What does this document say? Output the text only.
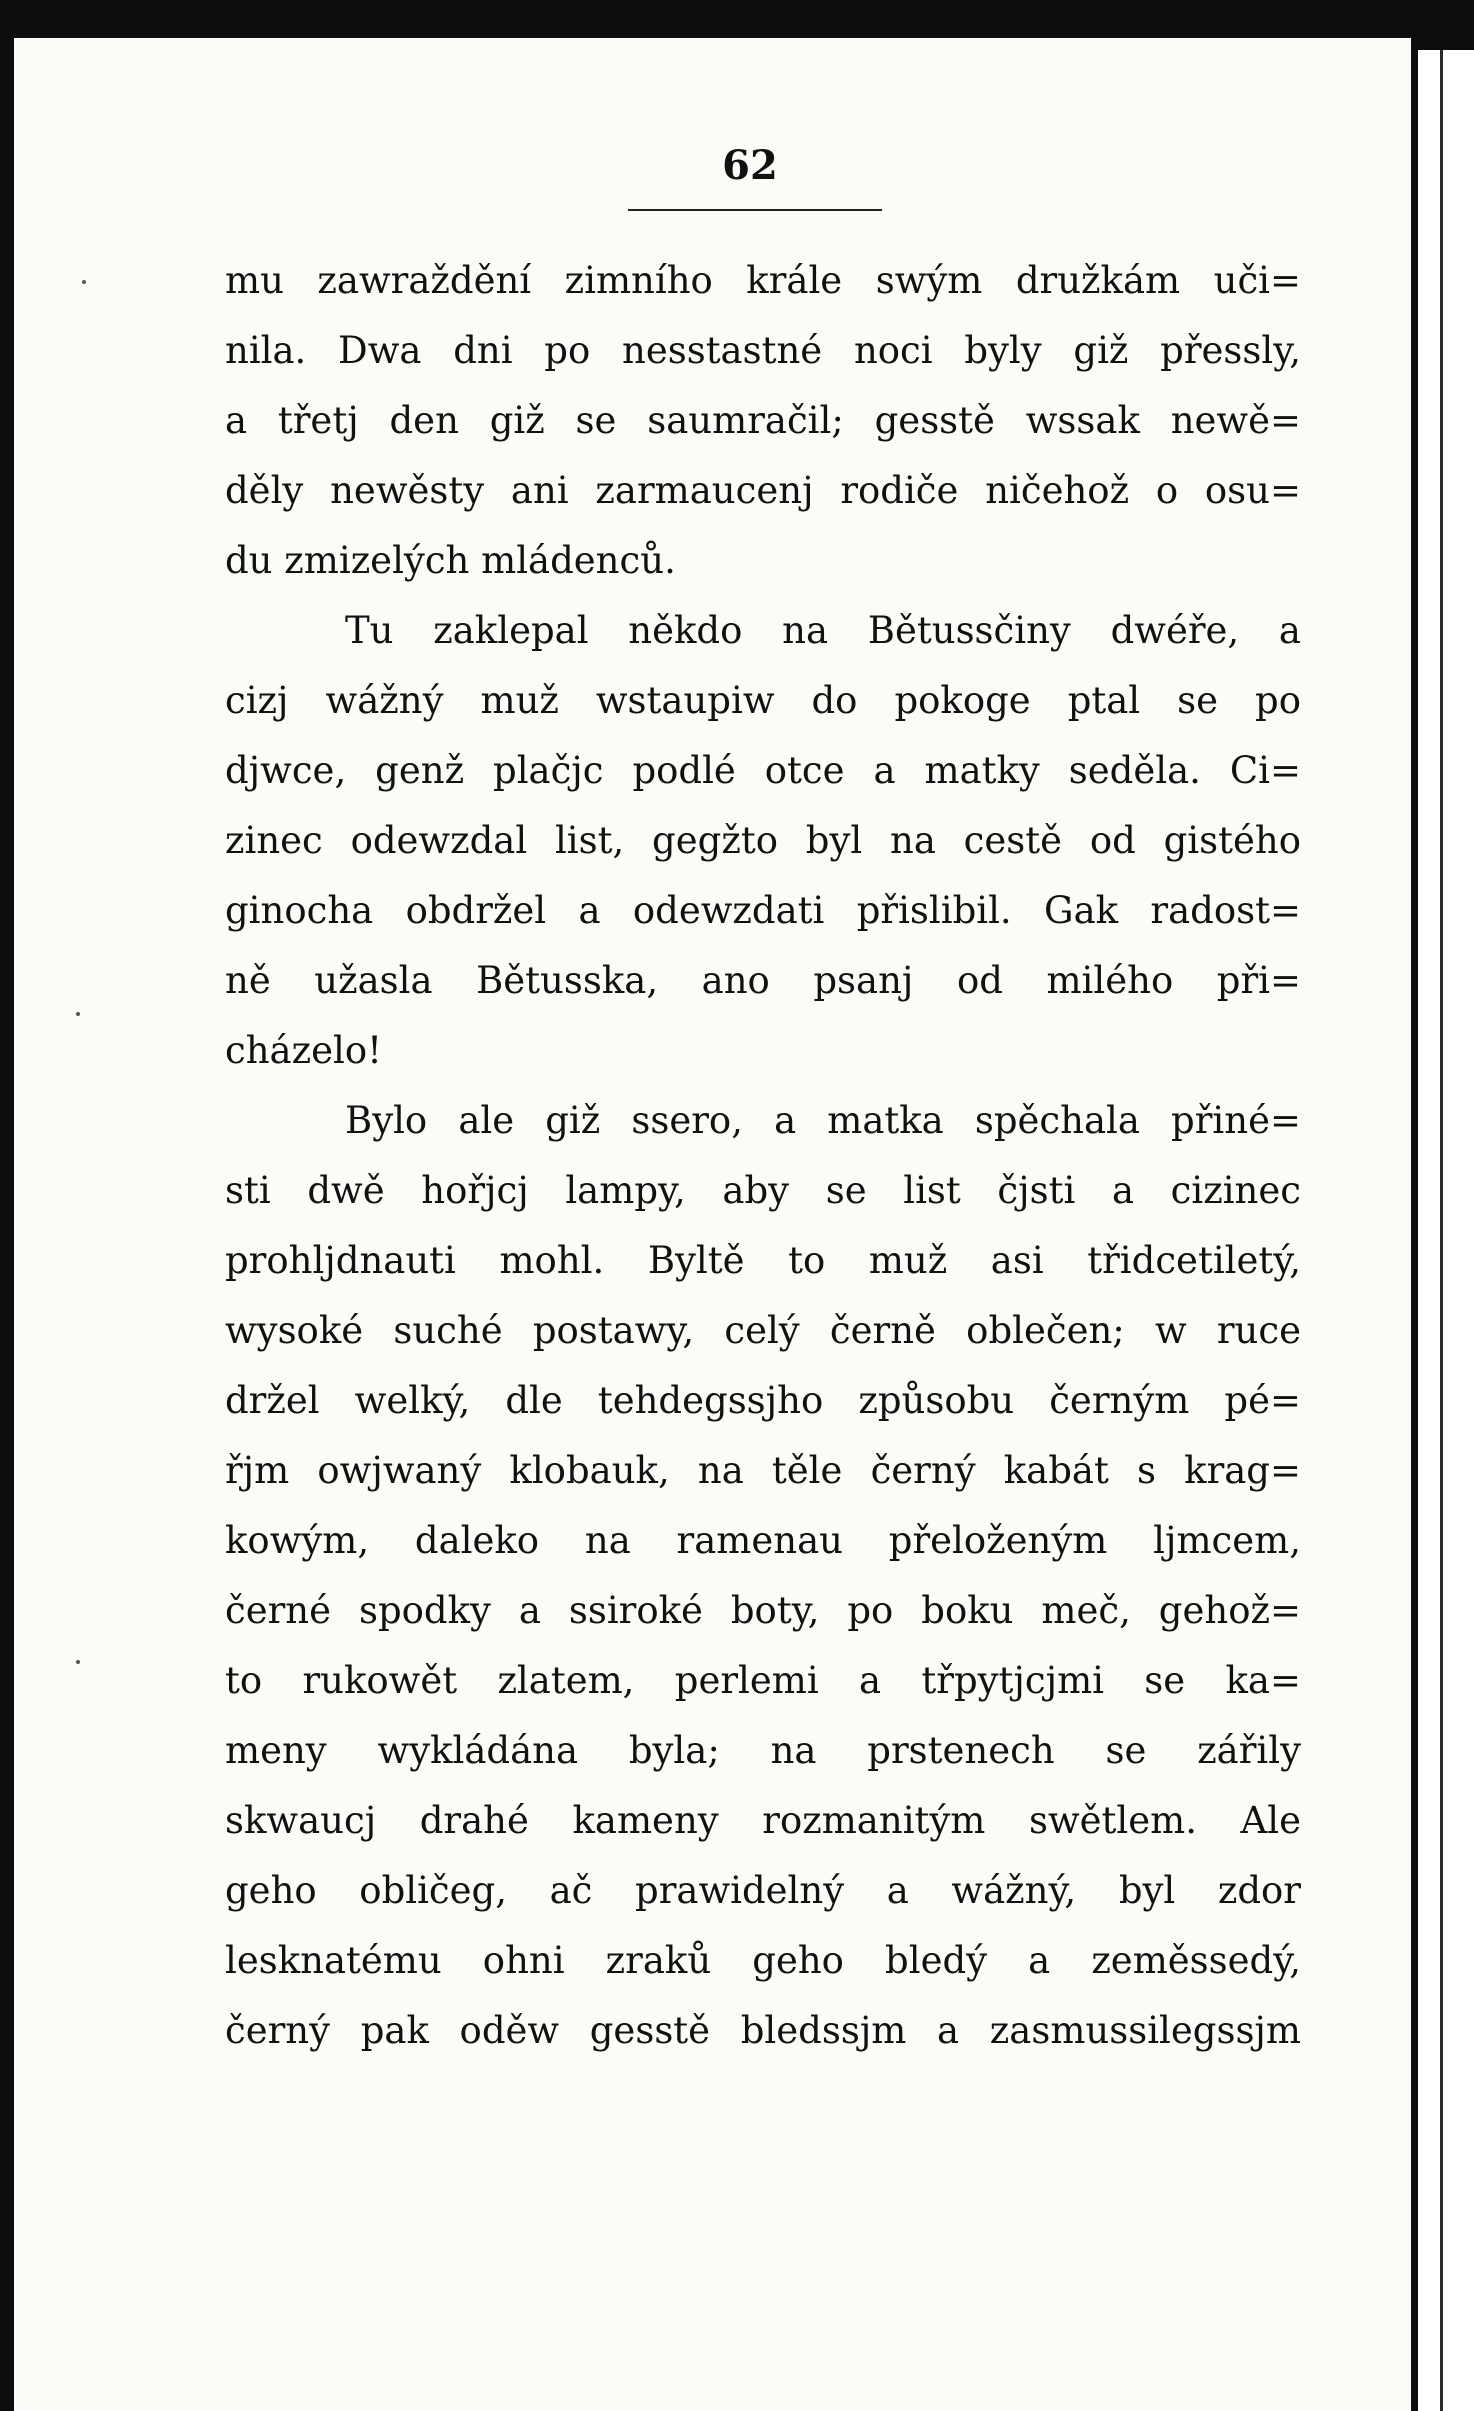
62
mu zawraždění zimního krále swým družkám uči=
nila. Dwa dni po nesstastné noci byly giž přessly,
a třetj den giž se saumračil; gesstě wssak newě=
děly newěsty ani zarmaucenj rodiče ničehož o osu=
du zmizelých mládenců.
Tu zaklepal někdo na Bětussčiny dwéře, a
cizj wážný muž wstaupiw do pokoge ptal se po
djwce, genž plačjc podlé otce a matky seděla. Ci=
zinec odewzdal list, gegžto byl na cestě od gistého
ginocha obdržel a odewzdati přislibil. Gak radost=
ně užasla Bětusska, ano psanj od milého při=
cházelo!
Bylo ale giž ssero, a matka spěchala přiné=
sti dwě hořjcj lampy, aby se list čjsti a cizinec
prohljdnauti mohl. Byltě to muž asi třidcetiletý,
wysoké suché postawy, celý černě oblečen; w ruce
držel welký, dle tehdegssjho způsobu černým pé=
řjm owjwaný klobauk, na těle černý kabát s krag=
kowým, daleko na ramenau přeloženým ljmcem,
černé spodky a ssiroké boty, po boku meč, gehož=
to rukowět zlatem, perlemi a třpytjcjmi se ka=
meny wykládána byla; na prstenech se zářily
skwaucj drahé kameny rozmanitým swětlem. Ale
geho obličeg, ač prawidelný a wážný, byl zdor
lesknatému ohni zraků geho bledý a zeměssedý,
černý pak oděw gesstě bledssjm a zasmussilegssjm
